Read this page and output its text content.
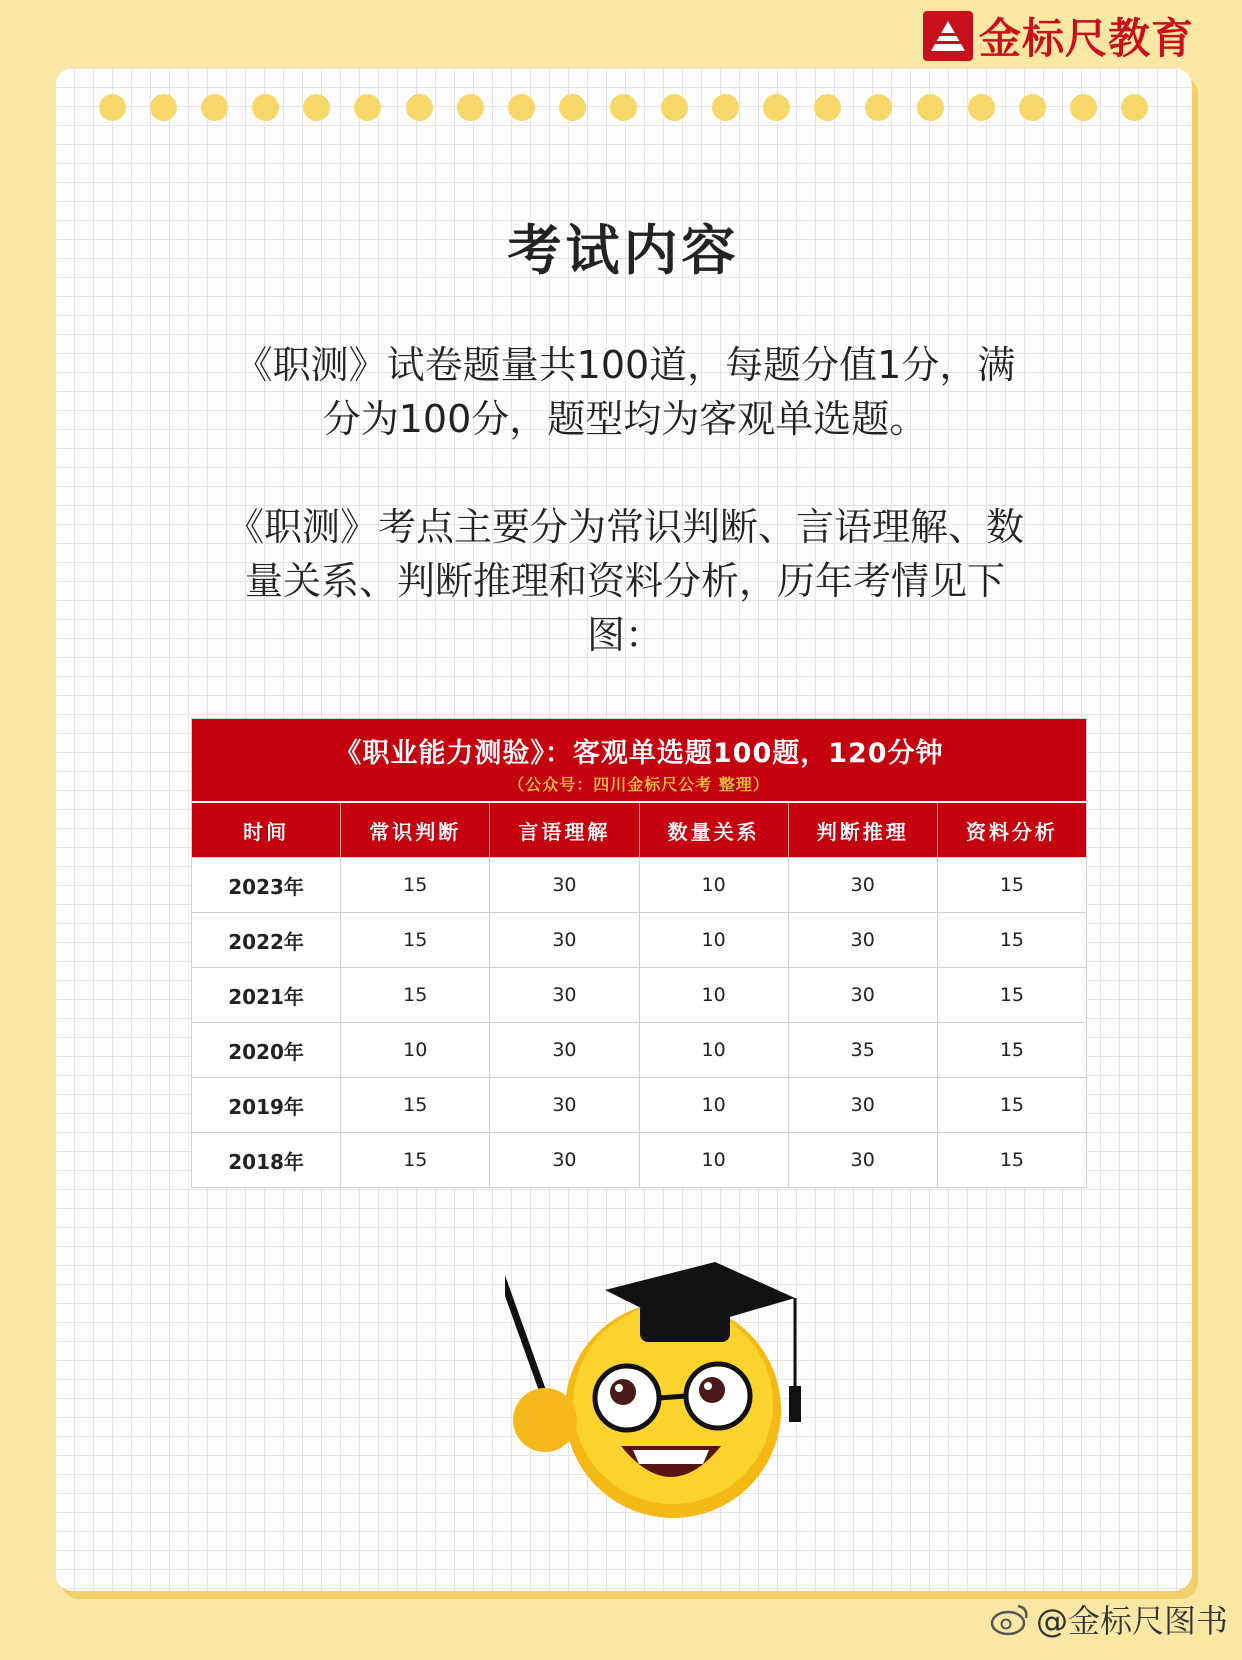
金标尺教育
考试内容
《职测》试卷题量共100道，每题分值1分，满分为100分，题型均为客观单选题。
《职测》考点主要分为常识判断、言语理解、数量关系、判断推理和资料分析，历年考情见下图：
《职业能力测验》：客观单选题100题，120分钟
（公众号：四川金标尺公考 整理）
时间	常识判断	言语理解	数量关系	判断推理	资料分析
2023年	15	30	10	30	15
2022年	15	30	10	30	15
2021年	15	30	10	30	15
2020年	10	30	10	35	15
2019年	15	30	10	30	15
2018年	15	30	10	30	15
@金标尺图书
